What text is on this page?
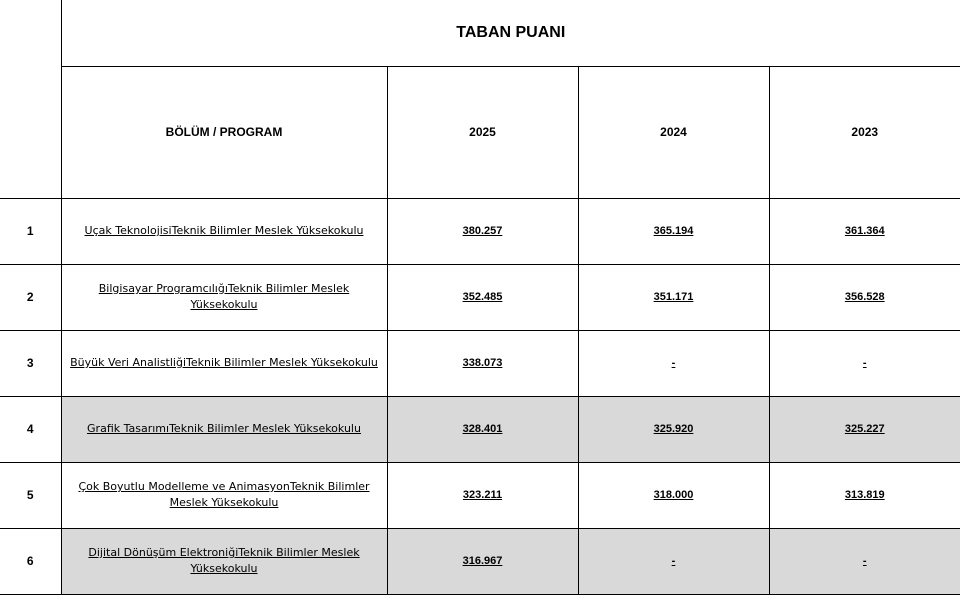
	TABAN PUANI			
	BÖLÜM / PROGRAM	2025	2024	2023
1	Uçak TeknolojisiTeknik Bilimler Meslek Yüksekokulu	380.257	365.194	361.364
2	Bilgisayar ProgramcılığıTeknik Bilimler Meslek Yüksekokulu	352.485	351.171	356.528
3	Büyük Veri AnalistliğiTeknik Bilimler Meslek Yüksekokulu	338.073	-	-
4	Grafik TasarımıTeknik Bilimler Meslek Yüksekokulu	328.401	325.920	325.227
5	Çok Boyutlu Modelleme ve AnimasyonTeknik Bilimler Meslek Yüksekokulu	323.211	318.000	313.819
6	Dijital Dönüşüm ElektroniğiTeknik Bilimler Meslek Yüksekokulu	316.967	-	-
